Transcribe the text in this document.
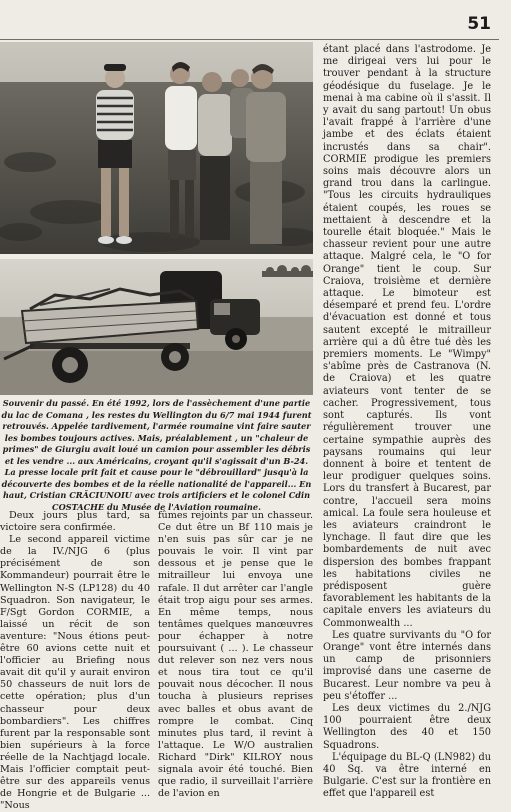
51
Souvenir du passé. En été 1992, lors de l'assèchement d'une partie du lac de Comana , les restes du Wellington du 6/7 mai 1944 furent retrouvés. Appelée tardivement, l'armée roumaine vint faire sauter les bombes toujours actives. Mais, préalablement , un "chaleur de primes" de Giurgiu avait loué un camion pour assembler les débris et les vendre ... aux Américains, croyant qu'il s'agissait d'un B-24. La presse locale prit fait et cause pour le "débrouillard" jusqu'à la découverte des bombes et de la réelle nationalité de l'appareil... En haut, Cristian CRĂCIUNOIU avec trois artificiers et le colonel Cdin COSTACHE du Musée de l'Aviation roumaine.

Deux jours plus tard, sa victoire sera confirmée.

Le second appareil victime de la IV./NJG 6 (plus précisément de son Kommandeur) pourrait être le Wellington N-S (LP128) du 40 Squadron. Son navigateur, le F/Sgt Gordon CORMIE, a laissé un récit de son aventure: "Nous étions peut-être 60 avions cette nuit et l'officier au Briefing nous avait dit qu'il y aurait environ 50 chasseurs de nuit lors de cette opération; plus d'un chasseur pour deux bombardiers". Les chiffres furent par la responsable sont bien supérieurs à la force réelle de la Nachtjagd locale. Mais l'officier comptait peut-être sur des appareils venus de Hongrie et de Bulgarie ... "Nous

fûmes rejoints par un chasseur. Ce dut être un Bf 110 mais je n'en suis pas sûr car je ne pouvais le voir. Il vint par dessous et je pense que le mitrailleur lui envoya une rafale. Il dut arrêter car l'angle était trop aigu pour ses armes. En même temps, nous tentâmes quelques manœuvres pour échapper à notre poursuivant ( ... ). Le chasseur dut relever son nez vers nous et nous tira tout ce qu'il pouvait nous décocher. Il nous toucha à plusieurs reprises avec balles et obus avant de rompre le combat. Cinq minutes plus tard, il revint à l'attaque. Le W/O australien Richard "Dirk" KILROY nous signala avoir été touché. Bien que radio, il surveillait l'arrière de l'avion en

étant placé dans l'astrodome. Je me dirigeai vers lui pour le trouver pendant à la structure géodésique du fuselage. Je le menai à ma cabine où il s'assit. Il y avait du sang partout! Un obus l'avait frappé à l'arrière d'une jambe et des éclats étaient incrustés dans sa chair". CORMIE prodigue les premiers soins mais découvre alors un grand trou dans la carlingue. "Tous les circuits hydrauliques étaient coupés, les roues se mettaient à descendre et la tourelle était bloquée." Mais le chasseur revient pour une autre attaque. Malgré cela, le "O for Orange" tient le coup. Sur Craiova, troisième et dernière attaque. Le bimoteur est désemparé et prend feu. L'ordre d'évacuation est donné et tous sautent excepté le mitrailleur arrière qui a dû être tué dès les premiers moments. Le "Wimpy" s'abîme près de Castranova (N. de Craiova) et les quatre aviateurs vont tenter de se cacher. Progressivement, tous sont capturés. Ils vont régulièrement trouver une certaine sympathie auprès des paysans roumains qui leur donnent à boire et tentent de leur prodiguer quelques soins. Lors du transfert à Bucarest, par contre, l'accueil sera moins amical. La foule sera houleuse et les aviateurs craindront le lynchage. Il faut dire que les bombardements de nuit avec dispersion des bombes frappant les habitations civiles ne prédisposent guère favorablement les habitants de la capitale envers les aviateurs du Commonwealth ...

Les quatre survivants du "O for Orange" vont être internés dans un camp de prisonniers improvisé dans une caserne de Bucarest. Leur nombre va peu à peu s'étoffer ...

Les deux victimes du 2./NJG 100 pourraient être deux Wellington des 40 et 150 Squadrons.

L'équipage du BL-Q (LN982) du 40 Sq. va être interné en Bulgarie. C'est sur la frontière en effet que l'appareil est
